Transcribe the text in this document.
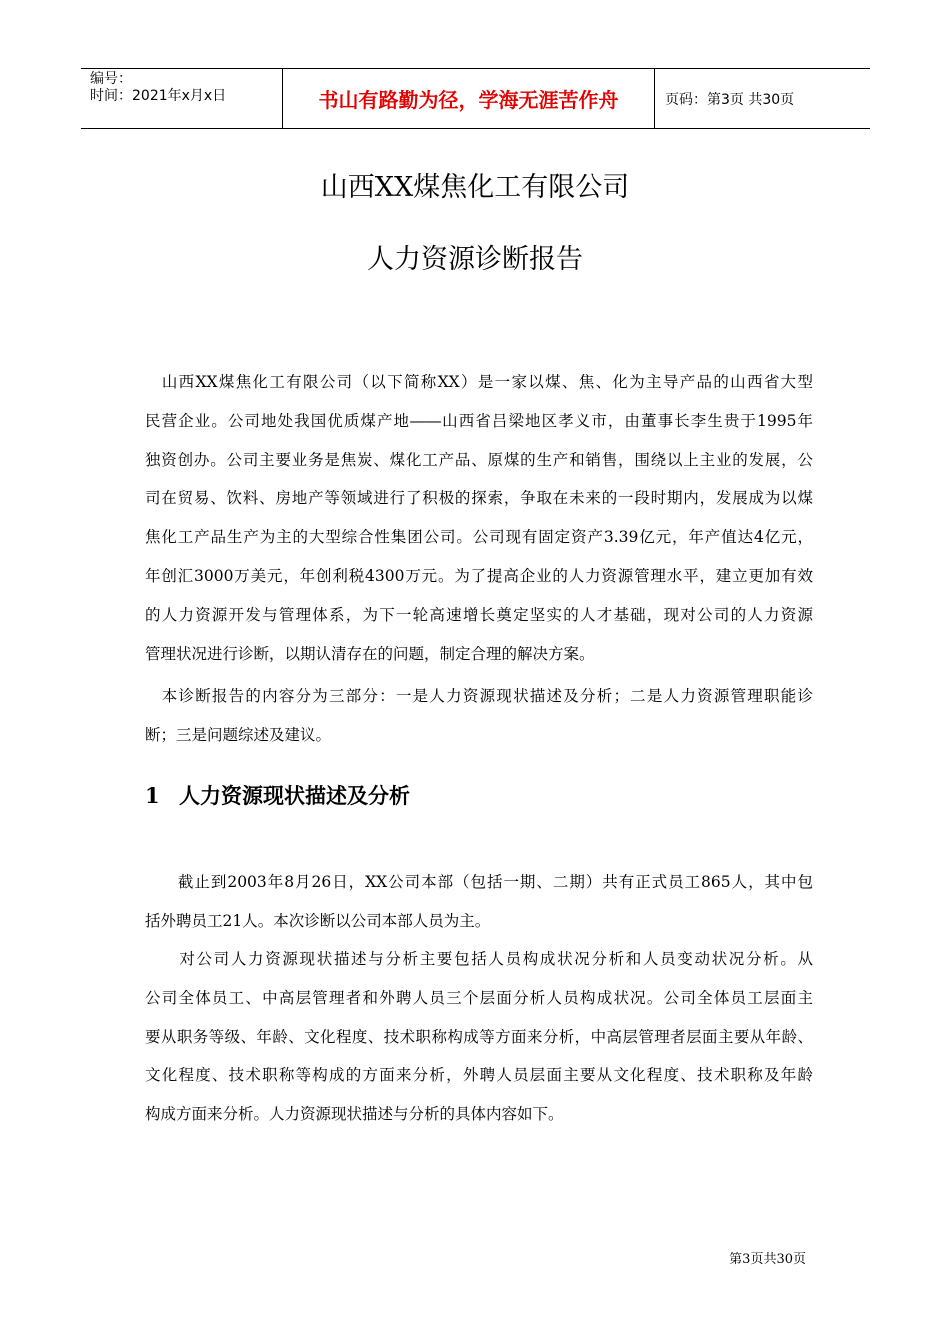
编号：
时间：2021年x月x日	书山有路勤为径，学海无涯苦作舟	页码：第3页 共30页
山西XX煤焦化工有限公司
人力资源诊断报告
　山西XX煤焦化工有限公司（以下简称XX）是一家以煤、焦、化为主导产品的山西省大型
民营企业。公司地处我国优质煤产地――山西省吕梁地区孝义市，由董事长李生贵于1995年
独资创办。公司主要业务是焦炭、煤化工产品、原煤的生产和销售，围绕以上主业的发展，公
司在贸易、饮料、房地产等领域进行了积极的探索，争取在未来的一段时期内，发展成为以煤
焦化工产品生产为主的大型综合性集团公司。公司现有固定资产3.39亿元，年产值达4亿元，
年创汇3000万美元，年创利税4300万元。为了提高企业的人力资源管理水平，建立更加有效
的人力资源开发与管理体系，为下一轮高速增长奠定坚实的人才基础，现对公司的人力资源
管理状况进行诊断，以期认清存在的问题，制定合理的解决方案。
　本诊断报告的内容分为三部分：一是人力资源现状描述及分析；二是人力资源管理职能诊
断；三是问题综述及建议。
1 人力资源现状描述及分析
　　截止到2003年8月26日，XX公司本部（包括一期、二期）共有正式员工865人，其中包
括外聘员工21人。本次诊断以公司本部人员为主。
　　对公司人力资源现状描述与分析主要包括人员构成状况分析和人员变动状况分析。从
公司全体员工、中高层管理者和外聘人员三个层面分析人员构成状况。公司全体员工层面主
要从职务等级、年龄、文化程度、技术职称构成等方面来分析，中高层管理者层面主要从年龄、
文化程度、技术职称等构成的方面来分析，外聘人员层面主要从文化程度、技术职称及年龄
构成方面来分析。人力资源现状描述与分析的具体内容如下。
第3页共30页
